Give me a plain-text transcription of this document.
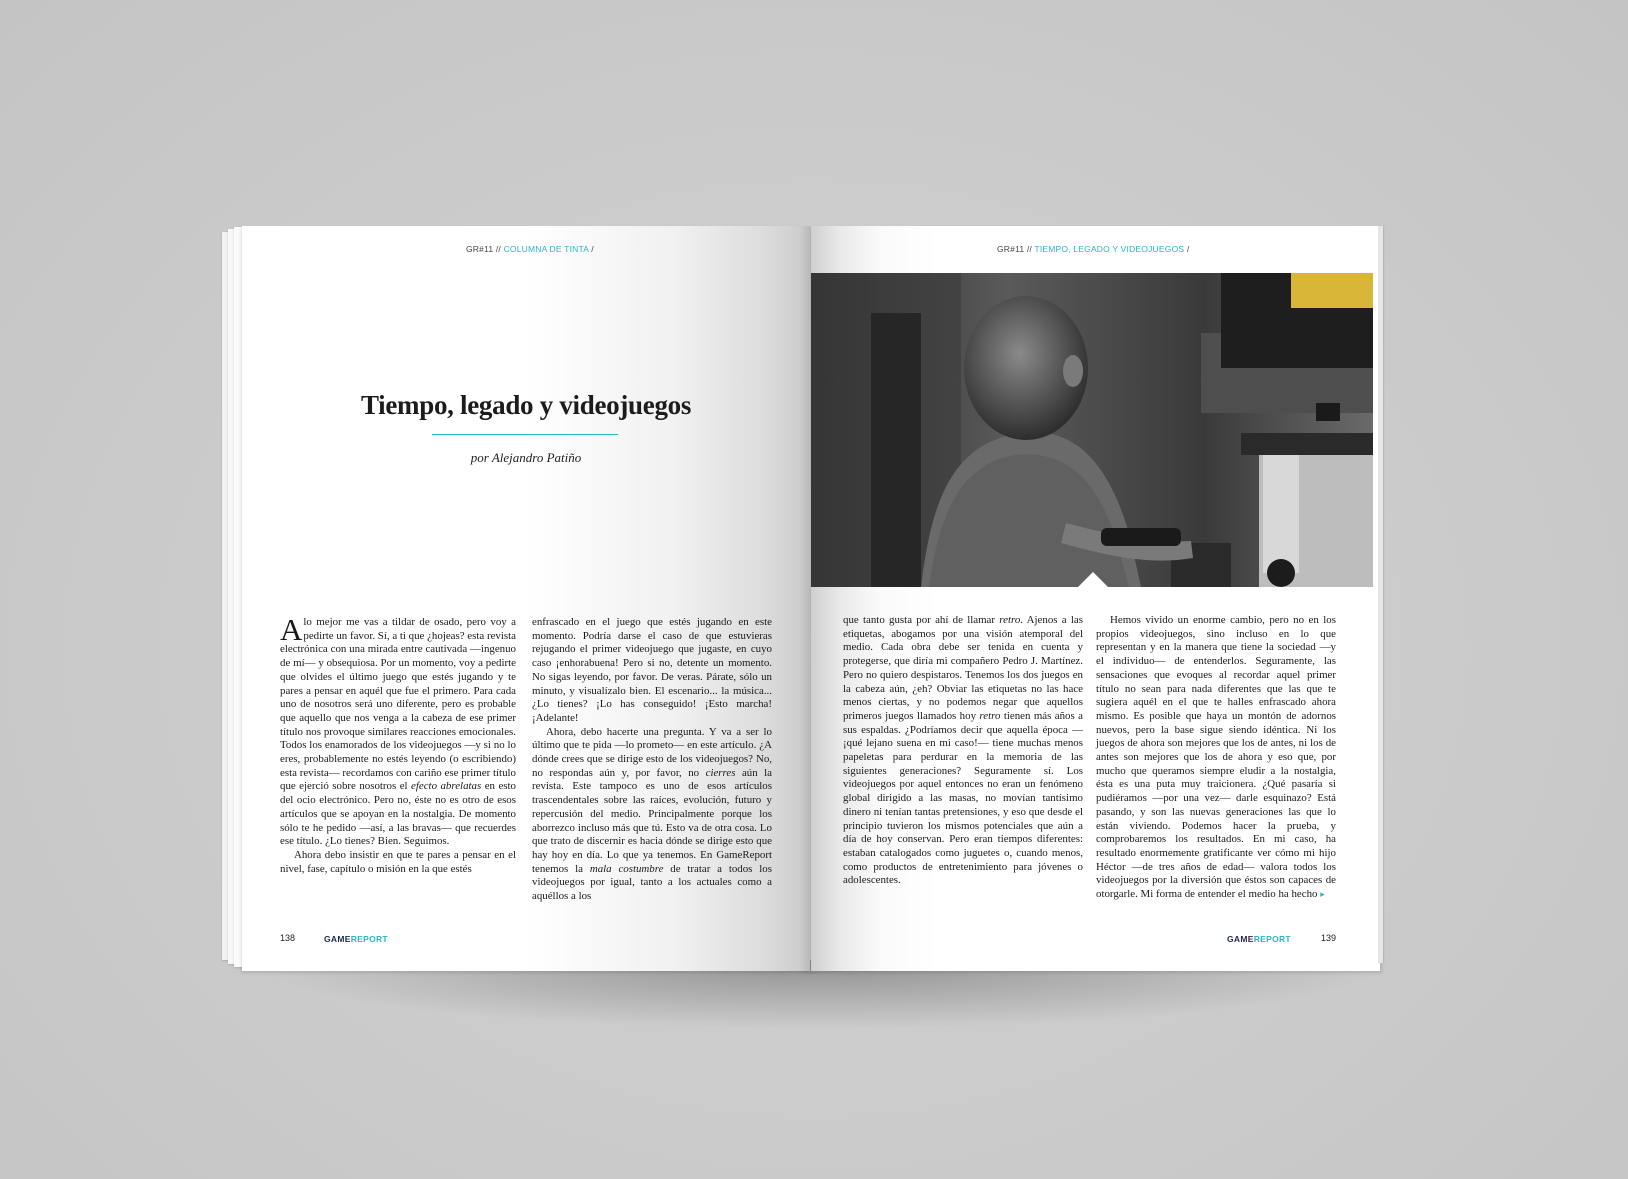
GR#11 // COLUMNA DE TINTA /
Tiempo, legado y videojuegos
por Alejandro Patiño

Alo mejor me vas a tildar de osado, pero voy a pedirte un favor. Sí, a ti que ¿hojeas? esta revista electrónica con una mirada entre cautivada —ingenuo de mí— y obsequiosa. Por un momento, voy a pedirte que olvides el último juego que estés jugando y te pares a pensar en aquél que fue el primero. Para cada uno de nosotros será uno diferente, pero es probable que aquello que nos venga a la cabeza de ese primer título nos provoque similares reacciones emocionales. Todos los enamorados de los videojuegos —y si no lo eres, probablemente no estés leyendo (o escribiendo) esta revista— recordamos con cariño ese primer título que ejerció sobre nosotros el efecto abrelatas en esto del ocio electrónico. Pero no, éste no es otro de esos artículos que se apoyan en la nostalgia. De momento sólo te he pedido —así, a las bravas— que recuerdes ese título. ¿Lo tienes? Bien. Seguimos.

Ahora debo insistir en que te pares a pensar en el nivel, fase, capítulo o misión en la que estés

enfrascado en el juego que estés jugando en este momento. Podría darse el caso de que estuvieras rejugando el primer videojuego que jugaste, en cuyo caso ¡enhorabuena! Pero si no, detente un momento. No sigas leyendo, por favor. De veras. Párate, sólo un minuto, y visualízalo bien. El escenario... la música... ¿Lo tienes? ¡Lo has conseguido! ¡Esto marcha! ¡Adelante!

Ahora, debo hacerte una pregunta. Y va a ser lo último que te pida —lo prometo— en este artículo. ¿A dónde crees que se dirige esto de los videojuegos? No, no respondas aún y, por favor, no cierres aún la revista. Este tampoco es uno de esos artículos trascendentales sobre las raíces, evolución, futuro y repercusión del medio. Principalmente porque los aborrezco incluso más que tú. Esto va de otra cosa. Lo que trato de discernir es hacia dónde se dirige esto que hay hoy en día. Lo que ya tenemos. En GameReport tenemos la mala costumbre de tratar a todos los videojuegos por igual, tanto a los actuales como a aquéllos a los

138	GAMEREPORT
GR#11 // TIEMPO, LEGADO Y VIDEOJUEGOS /

que tanto gusta por ahí de llamar retro. Ajenos a las etiquetas, abogamos por una visión atemporal del medio. Cada obra debe ser tenida en cuenta y protegerse, que diría mi compañero Pedro J. Martínez. Pero no quiero despistaros. Tenemos los dos juegos en la cabeza aún, ¿eh? Obviar las etiquetas no las hace menos ciertas, y no podemos negar que aquellos primeros juegos llamados hoy retro tienen más años a sus espaldas. ¿Podríamos decir que aquella época —¡qué lejano suena en mi caso!— tiene muchas menos papeletas para perdurar en la memoria de las siguientes generaciones? Seguramente sí. Los videojuegos por aquel entonces no eran un fenómeno global dirigido a las masas, no movían tantísimo dinero ni tenían tantas pretensiones, y eso que desde el principio tuvieron los mismos potenciales que aún a día de hoy conservan. Pero eran tiempos diferentes: estaban catalogados como juguetes o, cuando menos, como productos de entretenimiento para jóvenes o adolescentes.

Hemos vivido un enorme cambio, pero no en los propios videojuegos, sino incluso en lo que representan y en la manera que tiene la sociedad —y el individuo— de entenderlos. Seguramente, las sensaciones que evoques al recordar aquel primer título no sean para nada diferentes que las que te sugiera aquél en el que te halles enfrascado ahora mismo. Es posible que haya un montón de adornos nuevos, pero la base sigue siendo idéntica. Ni los juegos de ahora son mejores que los de antes, ni los de antes son mejores que los de ahora y eso que, por mucho que queramos siempre eludir a la nostalgia, ésta es una puta muy traicionera. ¿Qué pasaría si pudiéramos —por una vez— darle esquinazo? Está pasando, y son las nuevas generaciones las que lo están viviendo. Podemos hacer la prueba, y comprobaremos los resultados. En mi caso, ha resultado enormemente gratificante ver cómo mi hijo Héctor —de tres años de edad— valora todos los videojuegos por la diversión que éstos son capaces de otorgarle. Mi forma de entender el medio ha hecho ▸

GAMEREPORT	139
